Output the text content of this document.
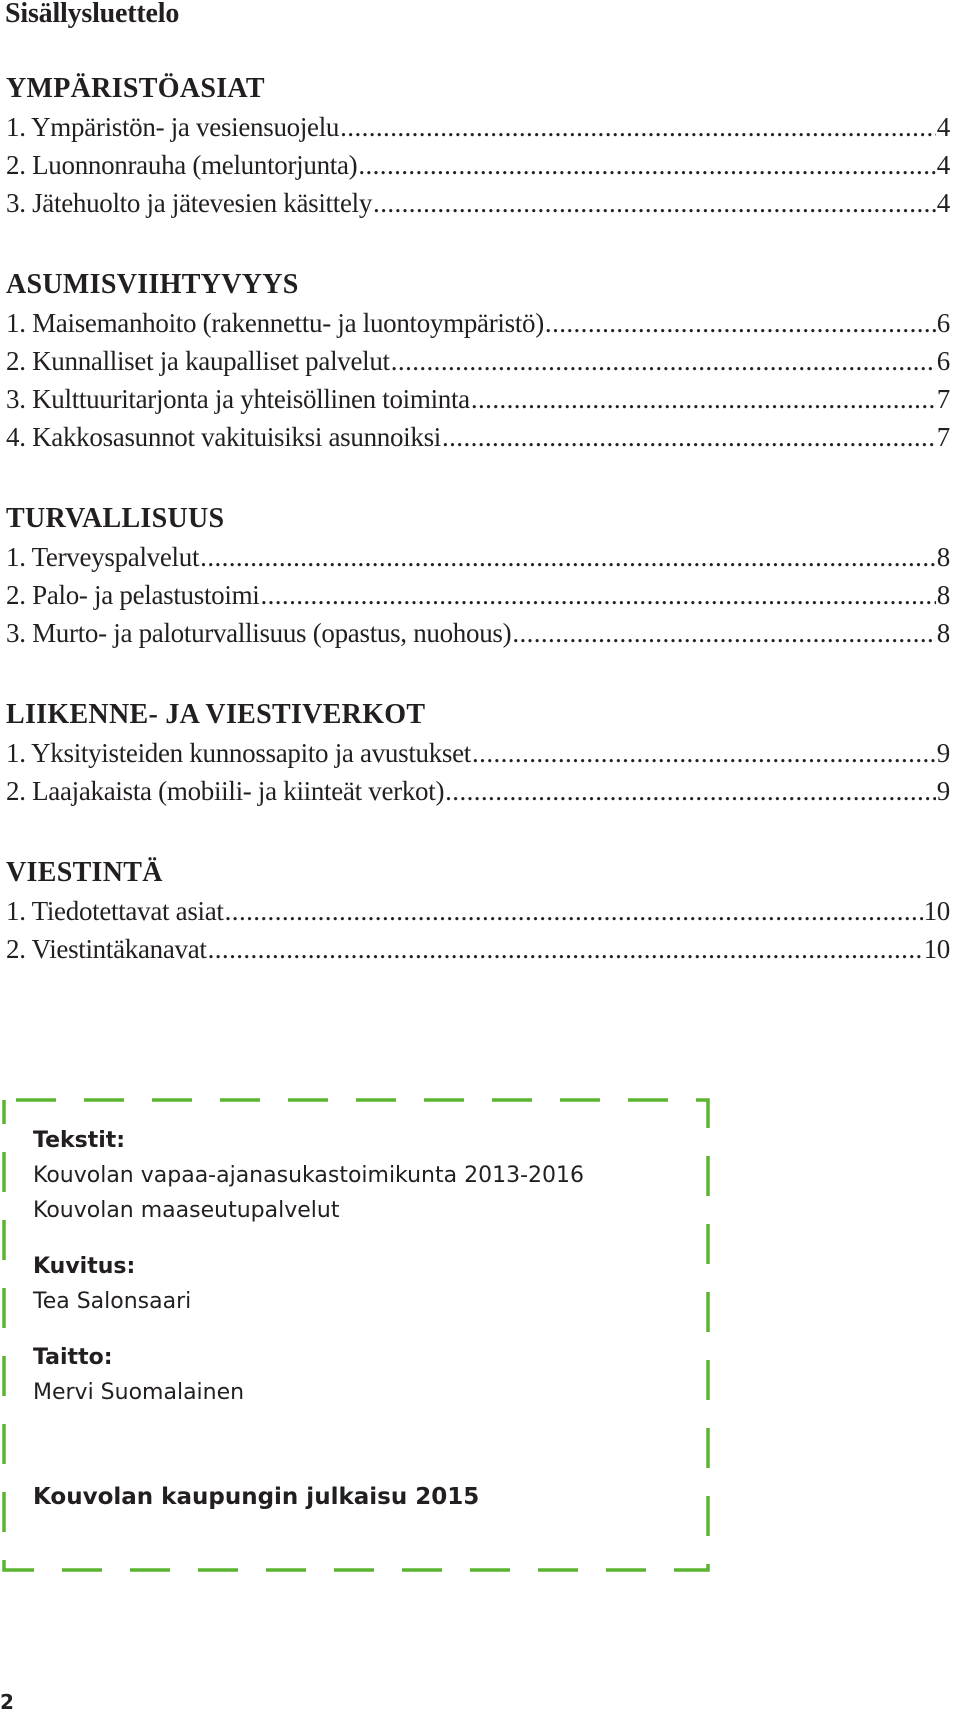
Sisällysluettelo
YMPÄRISTÖASIAT
1. Ympäristön- ja vesiensuojelu .....	4
2. Luonnonrauha (meluntorjunta) .....	4
3. Jätehuolto ja jätevesien käsittely .....	4
ASUMISVIIHTYVYYS
1. Maisemanhoito (rakennettu- ja luontoympäristö) .....	6
2. Kunnalliset ja kaupalliset palvelut .....	6
3. Kulttuuritarjonta ja yhteisöllinen toiminta .....	7
4. Kakkosasunnot vakituisiksi asunnoiksi .....	7
TURVALLISUUS
1. Terveyspalvelut .....	8
2. Palo- ja pelastustoimi .....	8
3. Murto- ja paloturvallisuus (opastus, nuohous) .....	8
LIIKENNE- JA VIESTIVERKOT
1. Yksityisteiden kunnossapito ja avustukset .....	9
2. Laajakaista (mobiili- ja kiinteät verkot) .....	9
VIESTINTÄ
1. Tiedotettavat asiat .....	10
2. Viestintäkanavat .....	10
Tekstit:
Kouvolan vapaa-ajanasukastoimikunta 2013-2016
Kouvolan maaseutupalvelut
Kuvitus:
Tea Salonsaari
Taitto:
Mervi Suomalainen
Kouvolan kaupungin julkaisu 2015
2
